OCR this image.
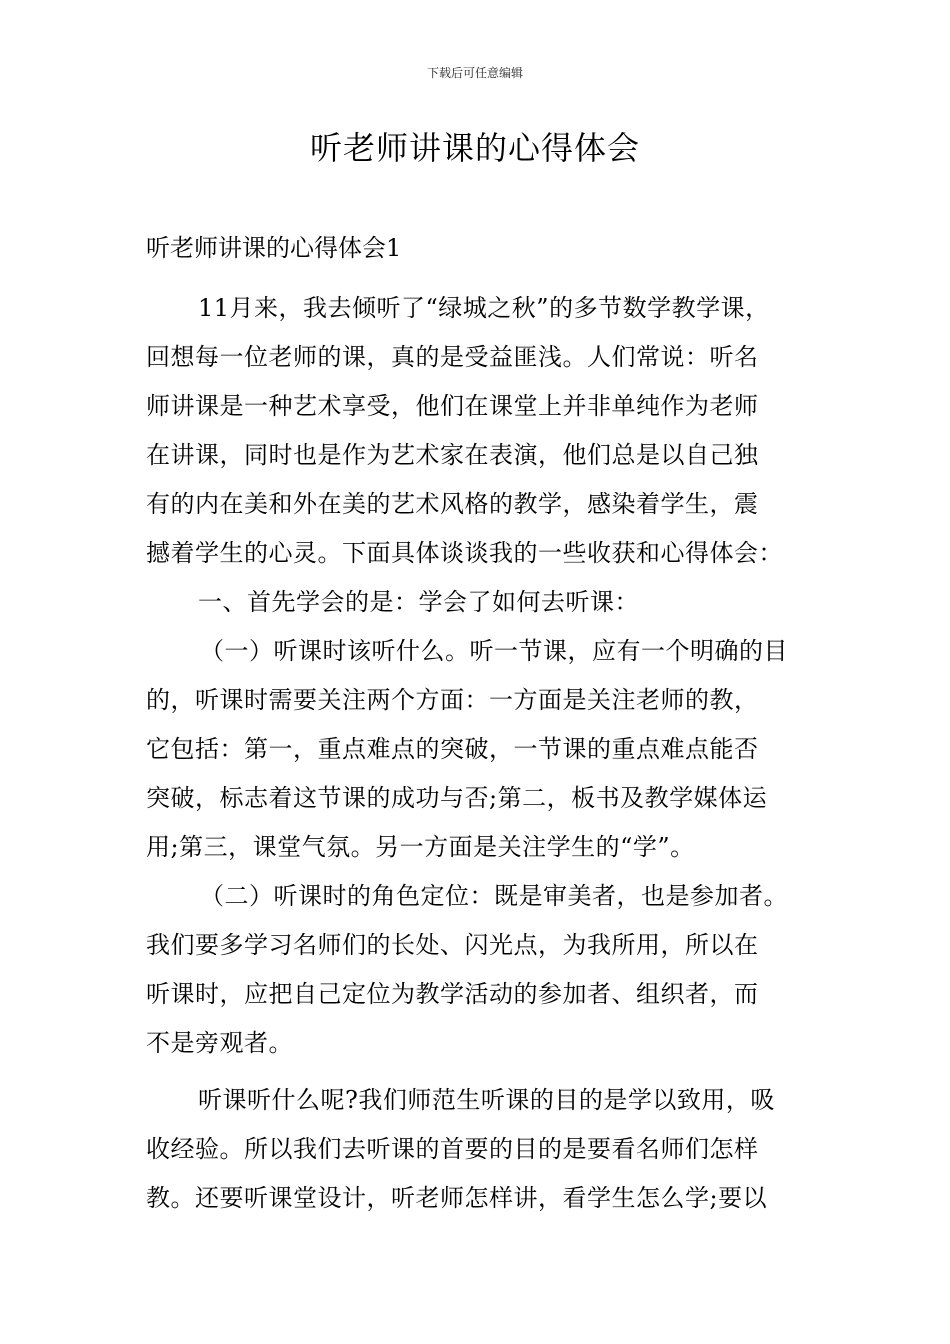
下载后可任意编辑
听老师讲课的心得体会

听老师讲课的心得体会1

11月来，我去倾听了“绿城之秋”的多节数学教学课，

回想每一位老师的课，真的是受益匪浅。人们常说：听名

师讲课是一种艺术享受，他们在课堂上并非单纯作为老师

在讲课，同时也是作为艺术家在表演，他们总是以自己独

有的内在美和外在美的艺术风格的教学，感染着学生，震

撼着学生的心灵。下面具体谈谈我的一些收获和心得体会：

一、首先学会的是：学会了如何去听课：

（一）听课时该听什么。听一节课，应有一个明确的目

的，听课时需要关注两个方面：一方面是关注老师的教，

它包括：第一，重点难点的突破，一节课的重点难点能否

突破，标志着这节课的成功与否;第二，板书及教学媒体运

用;第三，课堂气氛。另一方面是关注学生的“学”。

（二）听课时的角色定位：既是审美者，也是参加者。

我们要多学习名师们的长处、闪光点，为我所用，所以在

听课时，应把自己定位为教学活动的参加者、组织者，而

不是旁观者。

听课听什么呢?我们师范生听课的目的是学以致用，吸

收经验。所以我们去听课的首要的目的是要看名师们怎样

教。还要听课堂设计，听老师怎样讲，看学生怎么学;要以
